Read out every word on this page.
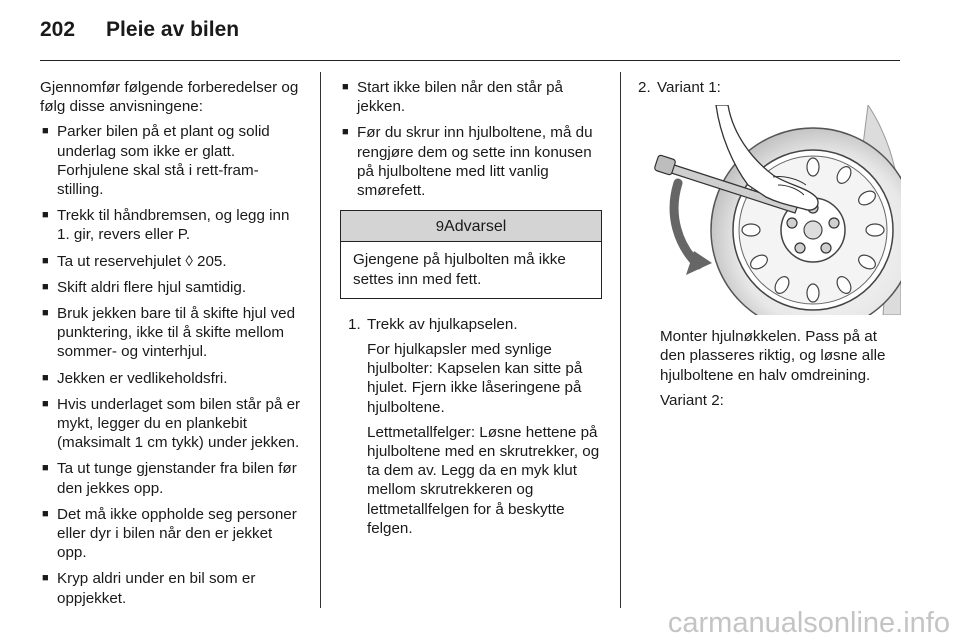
202 Pleie av bilen

Gjennomfør følgende forberedelser og følg disse anvisningene:

■ Parker bilen på et plant og solid underlag som ikke er glatt. Forhjulene skal stå i rett-fram-stilling.
■ Trekk til håndbremsen, og legg inn 1. gir, revers eller P.
■ Ta ut reservehjulet ◊ 205.
■ Skift aldri flere hjul samtidig.
■ Bruk jekken bare til å skifte hjul ved punktering, ikke til å skifte mellom sommer- og vinterhjul.
■ Jekken er vedlikeholdsfri.
■ Hvis underlaget som bilen står på er mykt, legger du en plankebit (maksimalt 1 cm tykk) under jekken.
■ Ta ut tunge gjenstander fra bilen før den jekkes opp.
■ Det må ikke oppholde seg personer eller dyr i bilen når den er jekket opp.
■ Kryp aldri under en bil som er oppjekket.
■ Start ikke bilen når den står på jekken.
■ Før du skrur inn hjulboltene, må du rengjøre dem og sette inn konusen på hjulboltene med litt vanlig smørefett.
9Advarsel
Gjengene på hjulbolten må ikke settes inn med fett.
1. Trekk av hjulkapselen.

For hjulkapsler med synlige hjulbolter: Kapselen kan sitte på hjulet. Fjern ikke låseringene på hjulboltene.

Lettmetallfelger: Løsne hettene på hjulboltene med en skrutrekker, og ta dem av. Legg da en myk klut mellom skrutrekkeren og lettmetallfelgen for å beskytte felgen.

2. Variant 1:

Monter hjulnøkkelen. Pass på at den plasseres riktig, og løsne alle hjulboltene en halv omdreining.

Variant 2:

carmanualsonline.info
